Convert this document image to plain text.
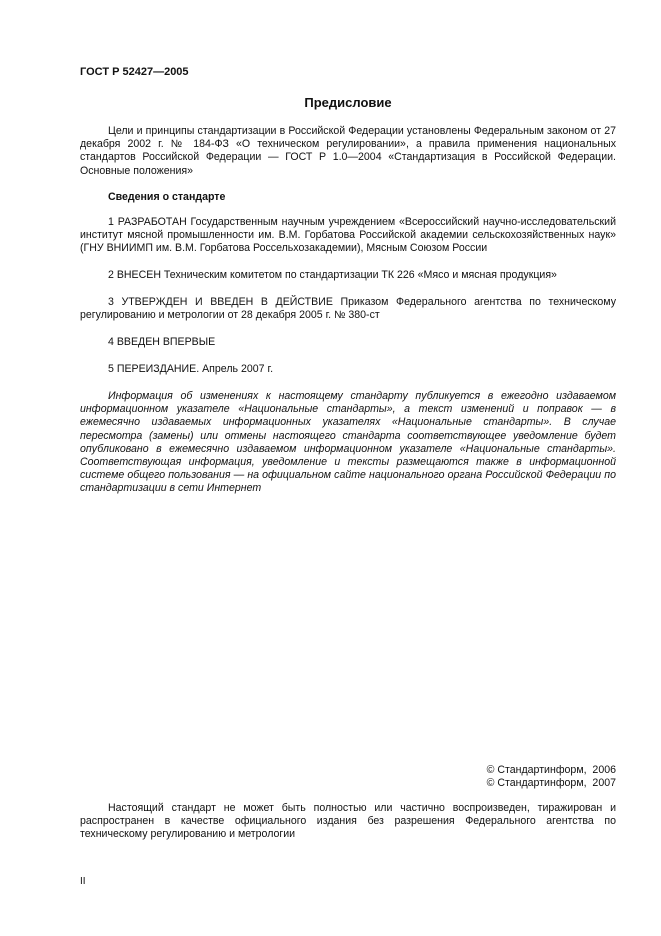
ГОСТ Р 52427—2005
Предисловие
Цели и принципы стандартизации в Российской Федерации установлены Федеральным законом от 27 декабря 2002 г. № 184-ФЗ «О техническом регулировании», а правила применения национальных стандартов Российской Федерации — ГОСТ Р 1.0—2004 «Стандартизация в Российской Федерации. Основные положения»
Сведения о стандарте
1 РАЗРАБОТАН Государственным научным учреждением «Всероссийский научно-исследовательский институт мясной промышленности им. В.М. Горбатова Российской академии сельскохозяйственных наук» (ГНУ ВНИИМП им. В.М. Горбатова Россельхозакадемии), Мясным Союзом России
2 ВНЕСЕН Техническим комитетом по стандартизации ТК 226 «Мясо и мясная продукция»
3 УТВЕРЖДЕН И ВВЕДЕН В ДЕЙСТВИЕ Приказом Федерального агентства по техническому регулированию и метрологии от 28 декабря 2005 г. № 380-ст
4 ВВЕДЕН ВПЕРВЫЕ
5 ПЕРЕИЗДАНИЕ. Апрель 2007 г.
Информация об изменениях к настоящему стандарту публикуется в ежегодно издаваемом информационном указателе «Национальные стандарты», а текст изменений и поправок — в ежемесячно издаваемых информационных указателях «Национальные стандарты». В случае пересмотра (замены) или отмены настоящего стандарта соответствующее уведомление будет опубликовано в ежемесячно издаваемом информационном указателе «Национальные стандарты». Соответствующая информация, уведомление и тексты размещаются также в информационной системе общего пользования — на официальном сайте национального органа Российской Федерации по стандартизации в сети Интернет
© Стандартинформ,  2006
© Стандартинформ,  2007
Настоящий стандарт не может быть полностью или частично воспроизведен, тиражирован и распространен в качестве официального издания без разрешения Федерального агентства по техническому регулированию и метрологии
II
